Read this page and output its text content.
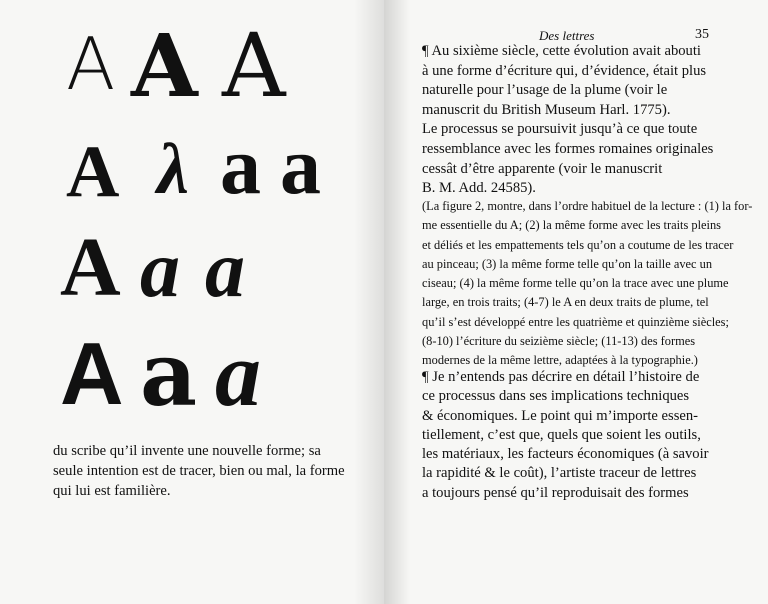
A A A
A λ a a
A a a
A a a
du scribe qu’il invente une nouvelle forme; sa
seule intention est de tracer, bien ou mal, la forme
qui lui est familière.
Des lettres	35
¶ Au sixième siècle, cette évolution avait abouti
à une forme d’écriture qui, d’évidence, était plus
naturelle pour l’usage de la plume (voir le
manuscrit du British Museum Harl. 1775).
Le processus se poursuivit jusqu’à ce que toute
ressemblance avec les formes romaines originales
cessât d’être apparente (voir le manuscrit
B. M. Add. 24585).
(La figure 2, montre, dans l’ordre habituel de la lecture : (1) la for-
me essentielle du A; (2) la même forme avec les traits pleins
et déliés et les empattements tels qu’on a coutume de les tracer
au pinceau; (3) la même forme telle qu’on la taille avec un
ciseau; (4) la même forme telle qu’on la trace avec une plume
large, en trois traits; (4-7) le A en deux traits de plume, tel
qu’il s’est développé entre les quatrième et quinzième siècles;
(8-10) l’écriture du seizième siècle; (11-13) des formes
modernes de la même lettre, adaptées à la typographie.)
¶ Je n’entends pas décrire en détail l’histoire de
ce processus dans ses implications techniques
& économiques. Le point qui m’importe essen-
tiellement, c’est que, quels que soient les outils,
les matériaux, les facteurs économiques (à savoir
la rapidité & le coût), l’artiste traceur de lettres
a toujours pensé qu’il reproduisait des formes
